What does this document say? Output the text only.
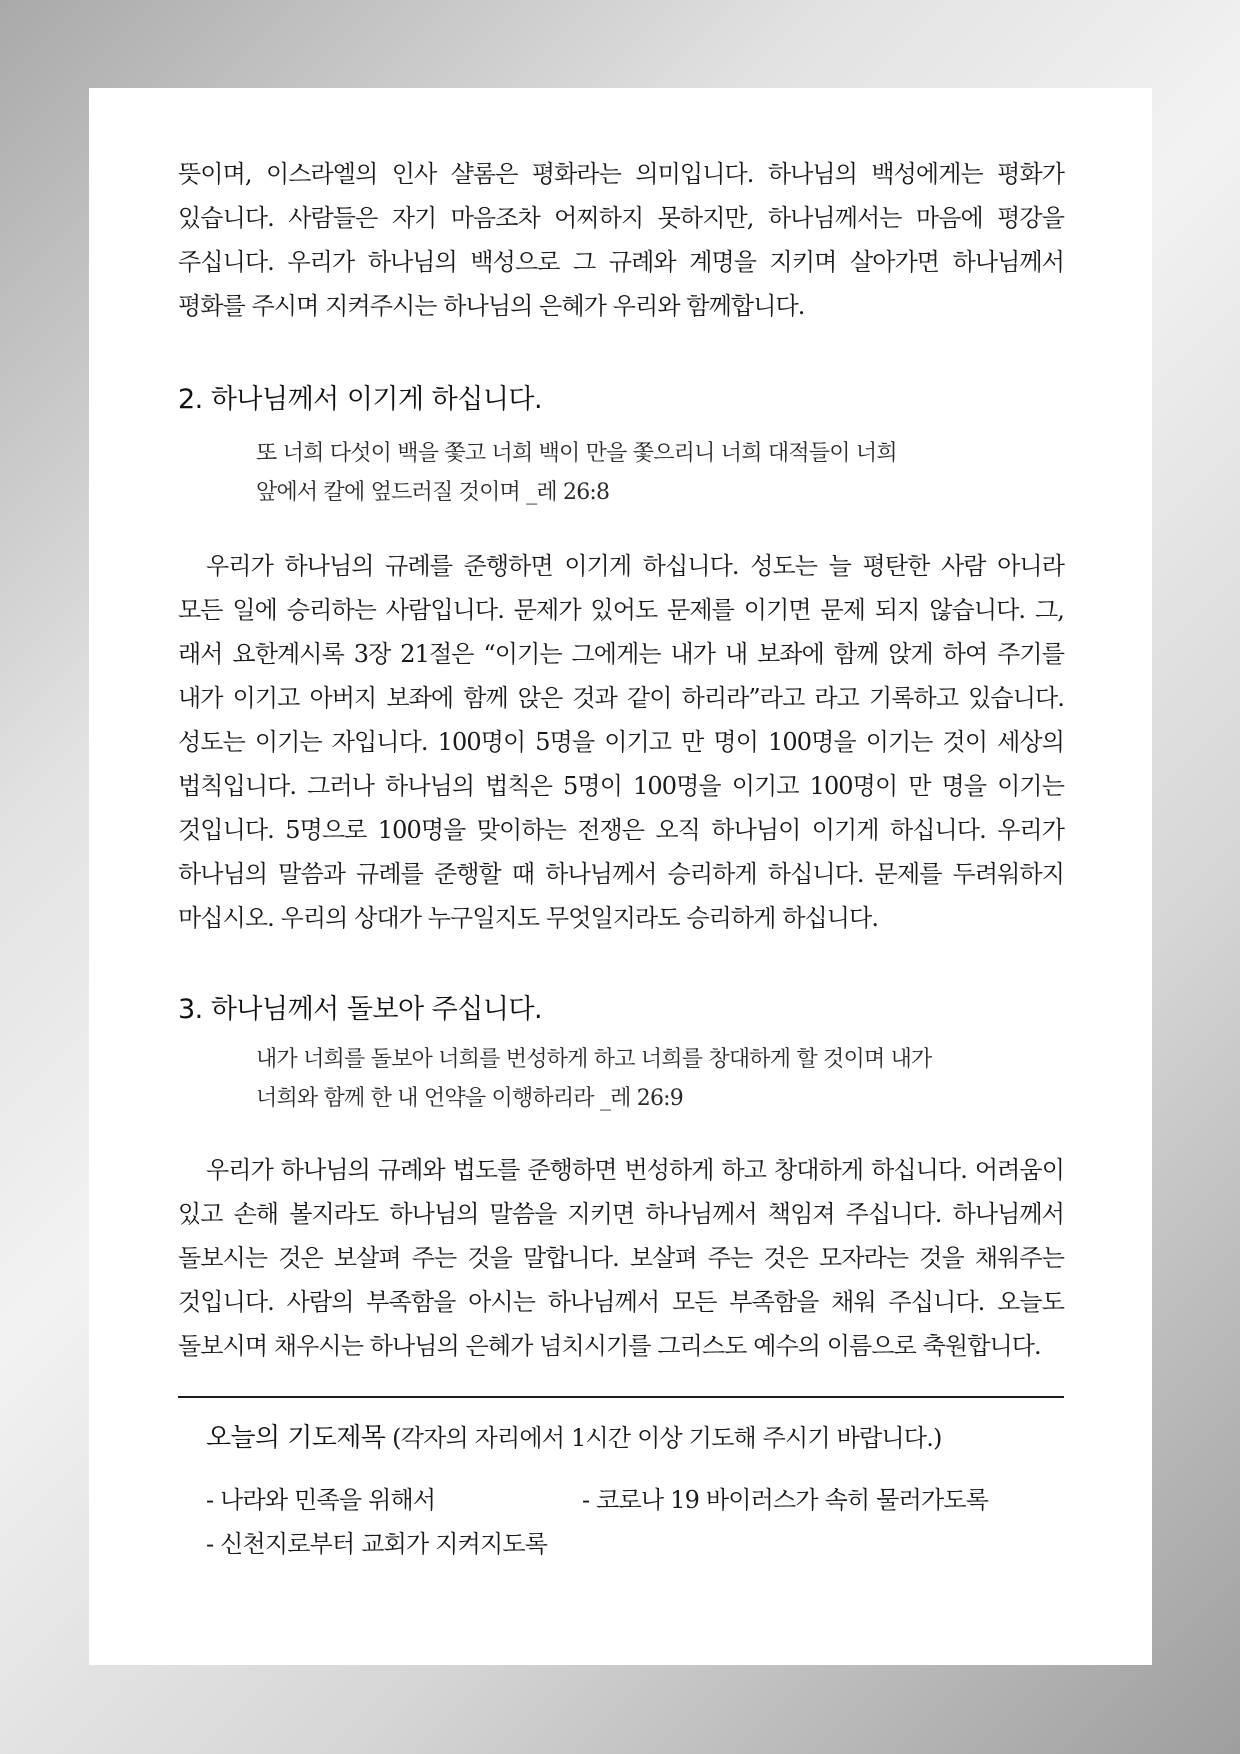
뜻이며, 이스라엘의 인사 샬롬은 평화라는 의미입니다. 하나님의 백성에게는 평화가 있습니다. 사람들은 자기 마음조차 어찌하지 못하지만, 하나님께서는 마음에 평강을 주십니다. 우리가 하나님의 백성으로 그 규례와 계명을 지키며 살아가면 하나님께서 평화를 주시며 지켜주시는 하나님의 은혜가 우리와 함께합니다.

2. 하나님께서 이기게 하십니다.

또 너희 다섯이 백을 쫓고 너희 백이 만을 쫓으리니 너희 대적들이 너희 앞에서 칼에 엎드러질 것이며 _레 26:8

우리가 하나님의 규례를 준행하면 이기게 하십니다. 성도는 늘 평탄한 사람 아니라 모든 일에 승리하는 사람입니다. 문제가 있어도 문제를 이기면 문제 되지 않습니다. 그,래서 요한계시록 3장 21절은 “이기는 그에게는 내가 내 보좌에 함께 앉게 하여 주기를 내가 이기고 아버지 보좌에 함께 앉은 것과 같이 하리라”라고 라고 기록하고 있습니다. 성도는 이기는 자입니다. 100명이 5명을 이기고 만 명이 100명을 이기는 것이 세상의 법칙입니다. 그러나 하나님의 법칙은 5명이 100명을 이기고 100명이 만 명을 이기는 것입니다. 5명으로 100명을 맞이하는 전쟁은 오직 하나님이 이기게 하십니다. 우리가 하나님의 말씀과 규례를 준행할 때 하나님께서 승리하게 하십니다. 문제를 두려워하지 마십시오. 우리의 상대가 누구일지도 무엇일지라도 승리하게 하십니다.

3. 하나님께서 돌보아 주십니다.

내가 너희를 돌보아 너희를 번성하게 하고 너희를 창대하게 할 것이며 내가 너희와 함께 한 내 언약을 이행하리라 _레 26:9

우리가 하나님의 규례와 법도를 준행하면 번성하게 하고 창대하게 하십니다. 어려움이 있고 손해 볼지라도 하나님의 말씀을 지키면 하나님께서 책임져 주십니다. 하나님께서 돌보시는 것은 보살펴 주는 것을 말합니다. 보살펴 주는 것은 모자라는 것을 채워주는 것입니다. 사람의 부족함을 아시는 하나님께서 모든 부족함을 채워 주십니다. 오늘도 돌보시며 채우시는 하나님의 은혜가 넘치시기를 그리스도 예수의 이름으로 축원합니다.

오늘의 기도제목 (각자의 자리에서 1시간 이상 기도해 주시기 바랍니다.)
- 나라와 민족을 위해서	- 코로나 19 바이러스가 속히 물러가도록
- 신천지로부터 교회가 지켜지도록
